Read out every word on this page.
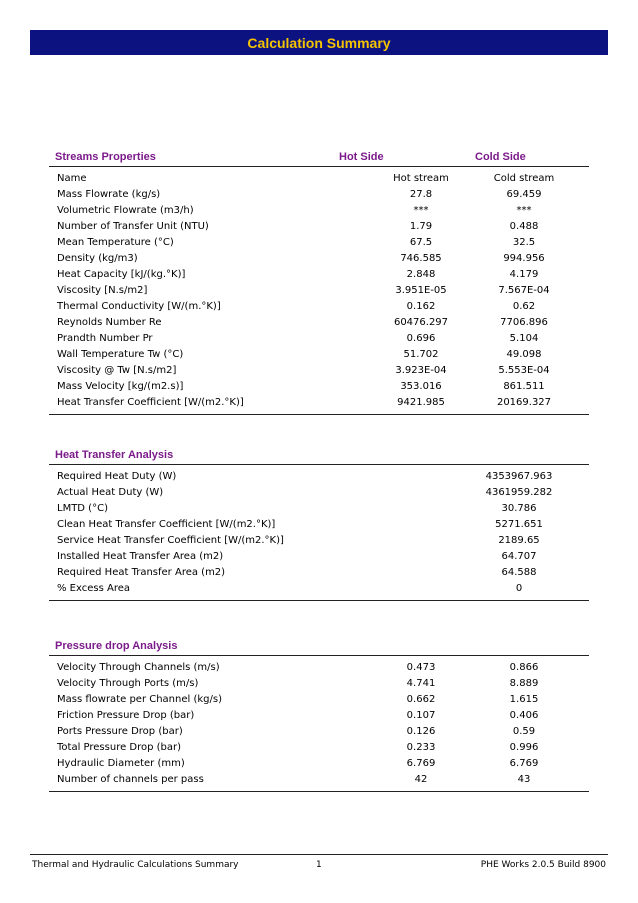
Calculation Summary
Streams Properties	Hot Side	Cold Side
Name	Hot stream	Cold stream
Mass Flowrate (kg/s)	27.8	69.459
Volumetric Flowrate (m3/h)	***	***
Number of Transfer Unit (NTU)	1.79	0.488
Mean Temperature (°C)	67.5	32.5
Density (kg/m3)	746.585	994.956
Heat Capacity [kJ/(kg.°K)]	2.848	4.179
Viscosity [N.s/m2]	3.951E-05	7.567E-04
Thermal Conductivity [W/(m.°K)]	0.162	0.62
Reynolds Number Re	60476.297	7706.896
Prandth Number Pr	0.696	5.104
Wall Temperature Tw (°C)	51.702	49.098
Viscosity @ Tw [N.s/m2]	3.923E-04	5.553E-04
Mass Velocity [kg/(m2.s)]	353.016	861.511
Heat Transfer Coefficient [W/(m2.°K)]	9421.985	20169.327
Heat Transfer Analysis
Required Heat Duty (W)	4353967.963
Actual Heat Duty (W)	4361959.282
LMTD (°C)	30.786
Clean Heat Transfer Coefficient [W/(m2.°K)]	5271.651
Service Heat Transfer Coefficient [W/(m2.°K)]	2189.65
Installed Heat Transfer Area (m2)	64.707
Required Heat Transfer Area (m2)	64.588
% Excess Area	0
Pressure drop Analysis
Velocity Through Channels (m/s)	0.473	0.866
Velocity Through Ports (m/s)	4.741	8.889
Mass flowrate per Channel (kg/s)	0.662	1.615
Friction Pressure Drop (bar)	0.107	0.406
Ports Pressure Drop (bar)	0.126	0.59
Total Pressure Drop (bar)	0.233	0.996
Hydraulic Diameter (mm)	6.769	6.769
Number of channels per pass	42	43
Thermal and Hydraulic Calculations Summary	1	PHE Works 2.0.5 Build 8900
